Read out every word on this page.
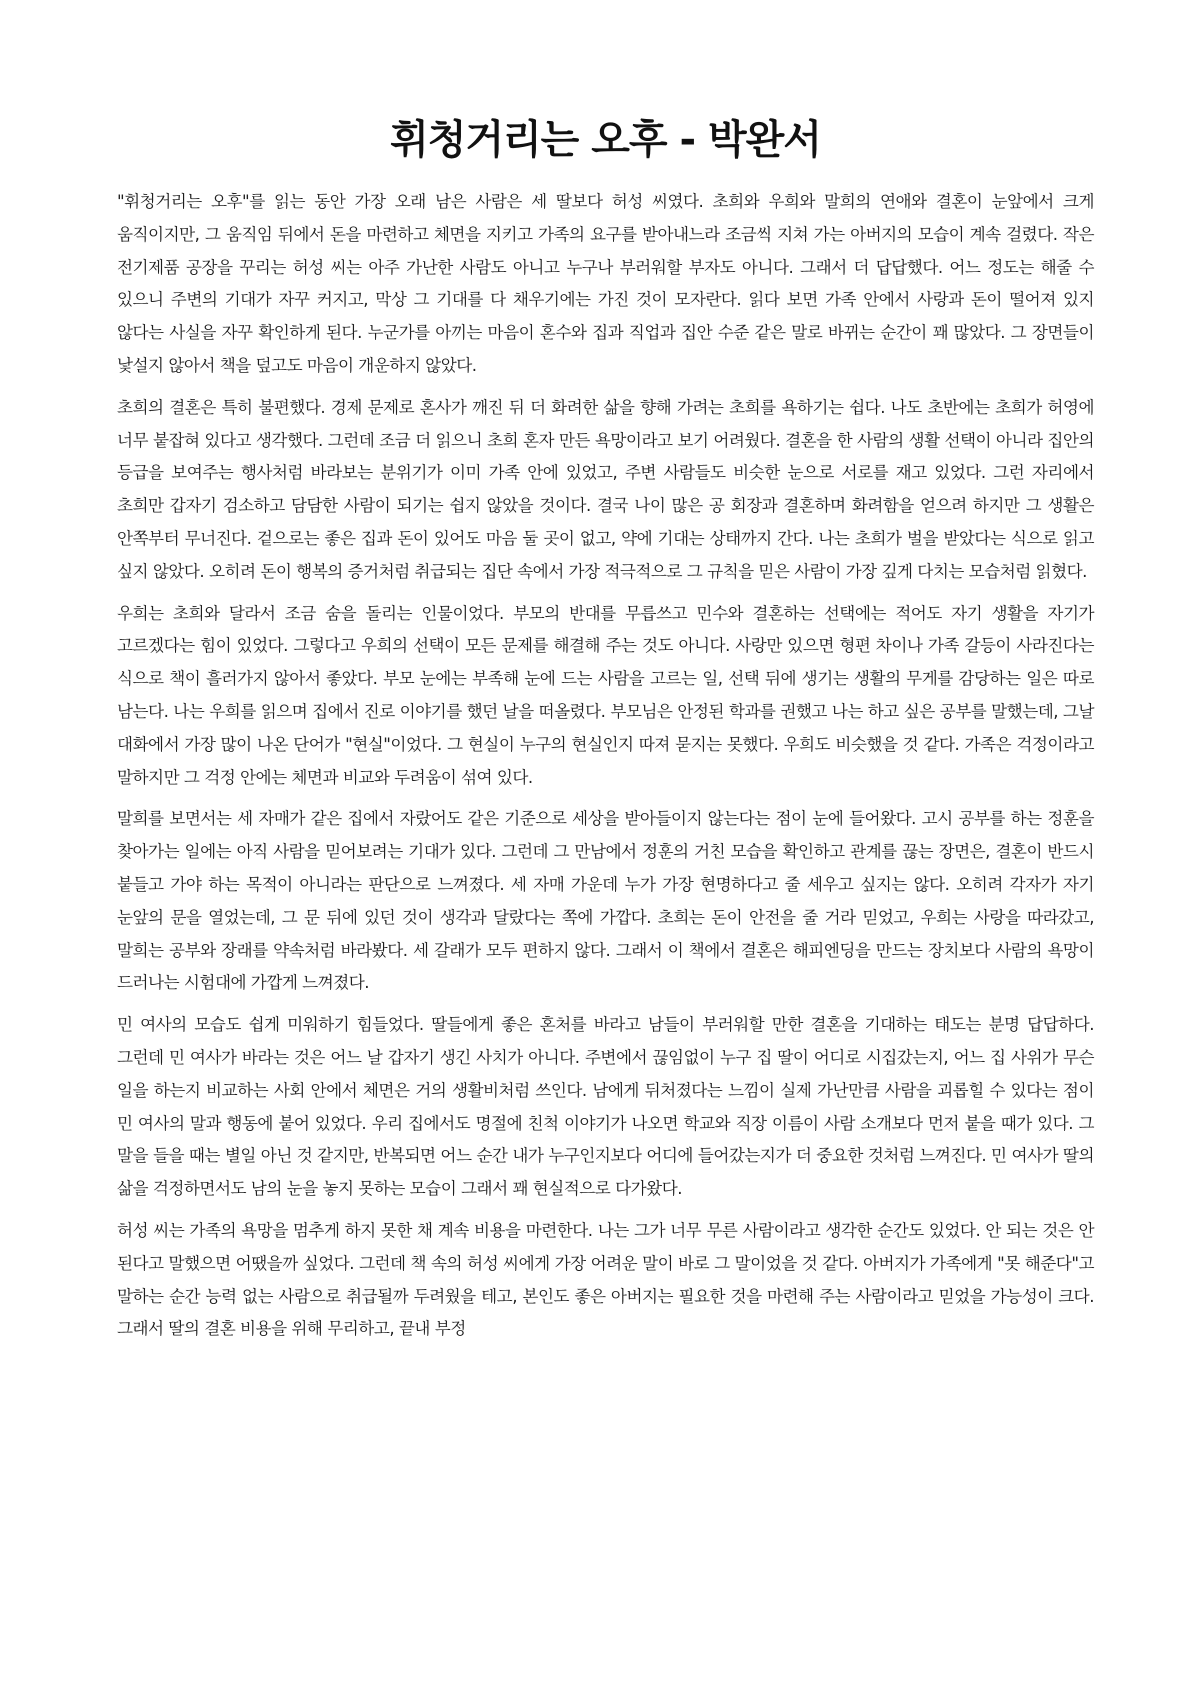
휘청거리는 오후 - 박완서

"휘청거리는 오후"를 읽는 동안 가장 오래 남은 사람은 세 딸보다 허성 씨였다. 초희와 우희와 말희의 연애와 결혼이 눈앞에서 크게 움직이지만, 그 움직임 뒤에서 돈을 마련하고 체면을 지키고 가족의 요구를 받아내느라 조금씩 지쳐 가는 아버지의 모습이 계속 걸렸다. 작은 전기제품 공장을 꾸리는 허성 씨는 아주 가난한 사람도 아니고 누구나 부러워할 부자도 아니다. 그래서 더 답답했다. 어느 정도는 해줄 수 있으니 주변의 기대가 자꾸 커지고, 막상 그 기대를 다 채우기에는 가진 것이 모자란다. 읽다 보면 가족 안에서 사랑과 돈이 떨어져 있지 않다는 사실을 자꾸 확인하게 된다. 누군가를 아끼는 마음이 혼수와 집과 직업과 집안 수준 같은 말로 바뀌는 순간이 꽤 많았다. 그 장면들이 낯설지 않아서 책을 덮고도 마음이 개운하지 않았다.

초희의 결혼은 특히 불편했다. 경제 문제로 혼사가 깨진 뒤 더 화려한 삶을 향해 가려는 초희를 욕하기는 쉽다. 나도 초반에는 초희가 허영에 너무 붙잡혀 있다고 생각했다. 그런데 조금 더 읽으니 초희 혼자 만든 욕망이라고 보기 어려웠다. 결혼을 한 사람의 생활 선택이 아니라 집안의 등급을 보여주는 행사처럼 바라보는 분위기가 이미 가족 안에 있었고, 주변 사람들도 비슷한 눈으로 서로를 재고 있었다. 그런 자리에서 초희만 갑자기 검소하고 담담한 사람이 되기는 쉽지 않았을 것이다. 결국 나이 많은 공 회장과 결혼하며 화려함을 얻으려 하지만 그 생활은 안쪽부터 무너진다. 겉으로는 좋은 집과 돈이 있어도 마음 둘 곳이 없고, 약에 기대는 상태까지 간다. 나는 초희가 벌을 받았다는 식으로 읽고 싶지 않았다. 오히려 돈이 행복의 증거처럼 취급되는 집단 속에서 가장 적극적으로 그 규칙을 믿은 사람이 가장 깊게 다치는 모습처럼 읽혔다.

우희는 초희와 달라서 조금 숨을 돌리는 인물이었다. 부모의 반대를 무릅쓰고 민수와 결혼하는 선택에는 적어도 자기 생활을 자기가 고르겠다는 힘이 있었다. 그렇다고 우희의 선택이 모든 문제를 해결해 주는 것도 아니다. 사랑만 있으면 형편 차이나 가족 갈등이 사라진다는 식으로 책이 흘러가지 않아서 좋았다. 부모 눈에는 부족해 눈에 드는 사람을 고르는 일, 선택 뒤에 생기는 생활의 무게를 감당하는 일은 따로 남는다. 나는 우희를 읽으며 집에서 진로 이야기를 했던 날을 떠올렸다. 부모님은 안정된 학과를 권했고 나는 하고 싶은 공부를 말했는데, 그날 대화에서 가장 많이 나온 단어가 "현실"이었다. 그 현실이 누구의 현실인지 따져 묻지는 못했다. 우희도 비슷했을 것 같다. 가족은 걱정이라고 말하지만 그 걱정 안에는 체면과 비교와 두려움이 섞여 있다.

말희를 보면서는 세 자매가 같은 집에서 자랐어도 같은 기준으로 세상을 받아들이지 않는다는 점이 눈에 들어왔다. 고시 공부를 하는 정훈을 찾아가는 일에는 아직 사람을 믿어보려는 기대가 있다. 그런데 그 만남에서 정훈의 거친 모습을 확인하고 관계를 끊는 장면은, 결혼이 반드시 붙들고 가야 하는 목적이 아니라는 판단으로 느껴졌다. 세 자매 가운데 누가 가장 현명하다고 줄 세우고 싶지는 않다. 오히려 각자가 자기 눈앞의 문을 열었는데, 그 문 뒤에 있던 것이 생각과 달랐다는 쪽에 가깝다. 초희는 돈이 안전을 줄 거라 믿었고, 우희는 사랑을 따라갔고, 말희는 공부와 장래를 약속처럼 바라봤다. 세 갈래가 모두 편하지 않다. 그래서 이 책에서 결혼은 해피엔딩을 만드는 장치보다 사람의 욕망이 드러나는 시험대에 가깝게 느껴졌다.

민 여사의 모습도 쉽게 미워하기 힘들었다. 딸들에게 좋은 혼처를 바라고 남들이 부러워할 만한 결혼을 기대하는 태도는 분명 답답하다. 그런데 민 여사가 바라는 것은 어느 날 갑자기 생긴 사치가 아니다. 주변에서 끊임없이 누구 집 딸이 어디로 시집갔는지, 어느 집 사위가 무슨 일을 하는지 비교하는 사회 안에서 체면은 거의 생활비처럼 쓰인다. 남에게 뒤처졌다는 느낌이 실제 가난만큼 사람을 괴롭힐 수 있다는 점이 민 여사의 말과 행동에 붙어 있었다. 우리 집에서도 명절에 친척 이야기가 나오면 학교와 직장 이름이 사람 소개보다 먼저 붙을 때가 있다. 그 말을 들을 때는 별일 아닌 것 같지만, 반복되면 어느 순간 내가 누구인지보다 어디에 들어갔는지가 더 중요한 것처럼 느껴진다. 민 여사가 딸의 삶을 걱정하면서도 남의 눈을 놓지 못하는 모습이 그래서 꽤 현실적으로 다가왔다.

허성 씨는 가족의 욕망을 멈추게 하지 못한 채 계속 비용을 마련한다. 나는 그가 너무 무른 사람이라고 생각한 순간도 있었다. 안 되는 것은 안 된다고 말했으면 어땠을까 싶었다. 그런데 책 속의 허성 씨에게 가장 어려운 말이 바로 그 말이었을 것 같다. 아버지가 가족에게 "못 해준다"고 말하는 순간 능력 없는 사람으로 취급될까 두려웠을 테고, 본인도 좋은 아버지는 필요한 것을 마련해 주는 사람이라고 믿었을 가능성이 크다. 그래서 딸의 결혼 비용을 위해 무리하고, 끝내 부정
